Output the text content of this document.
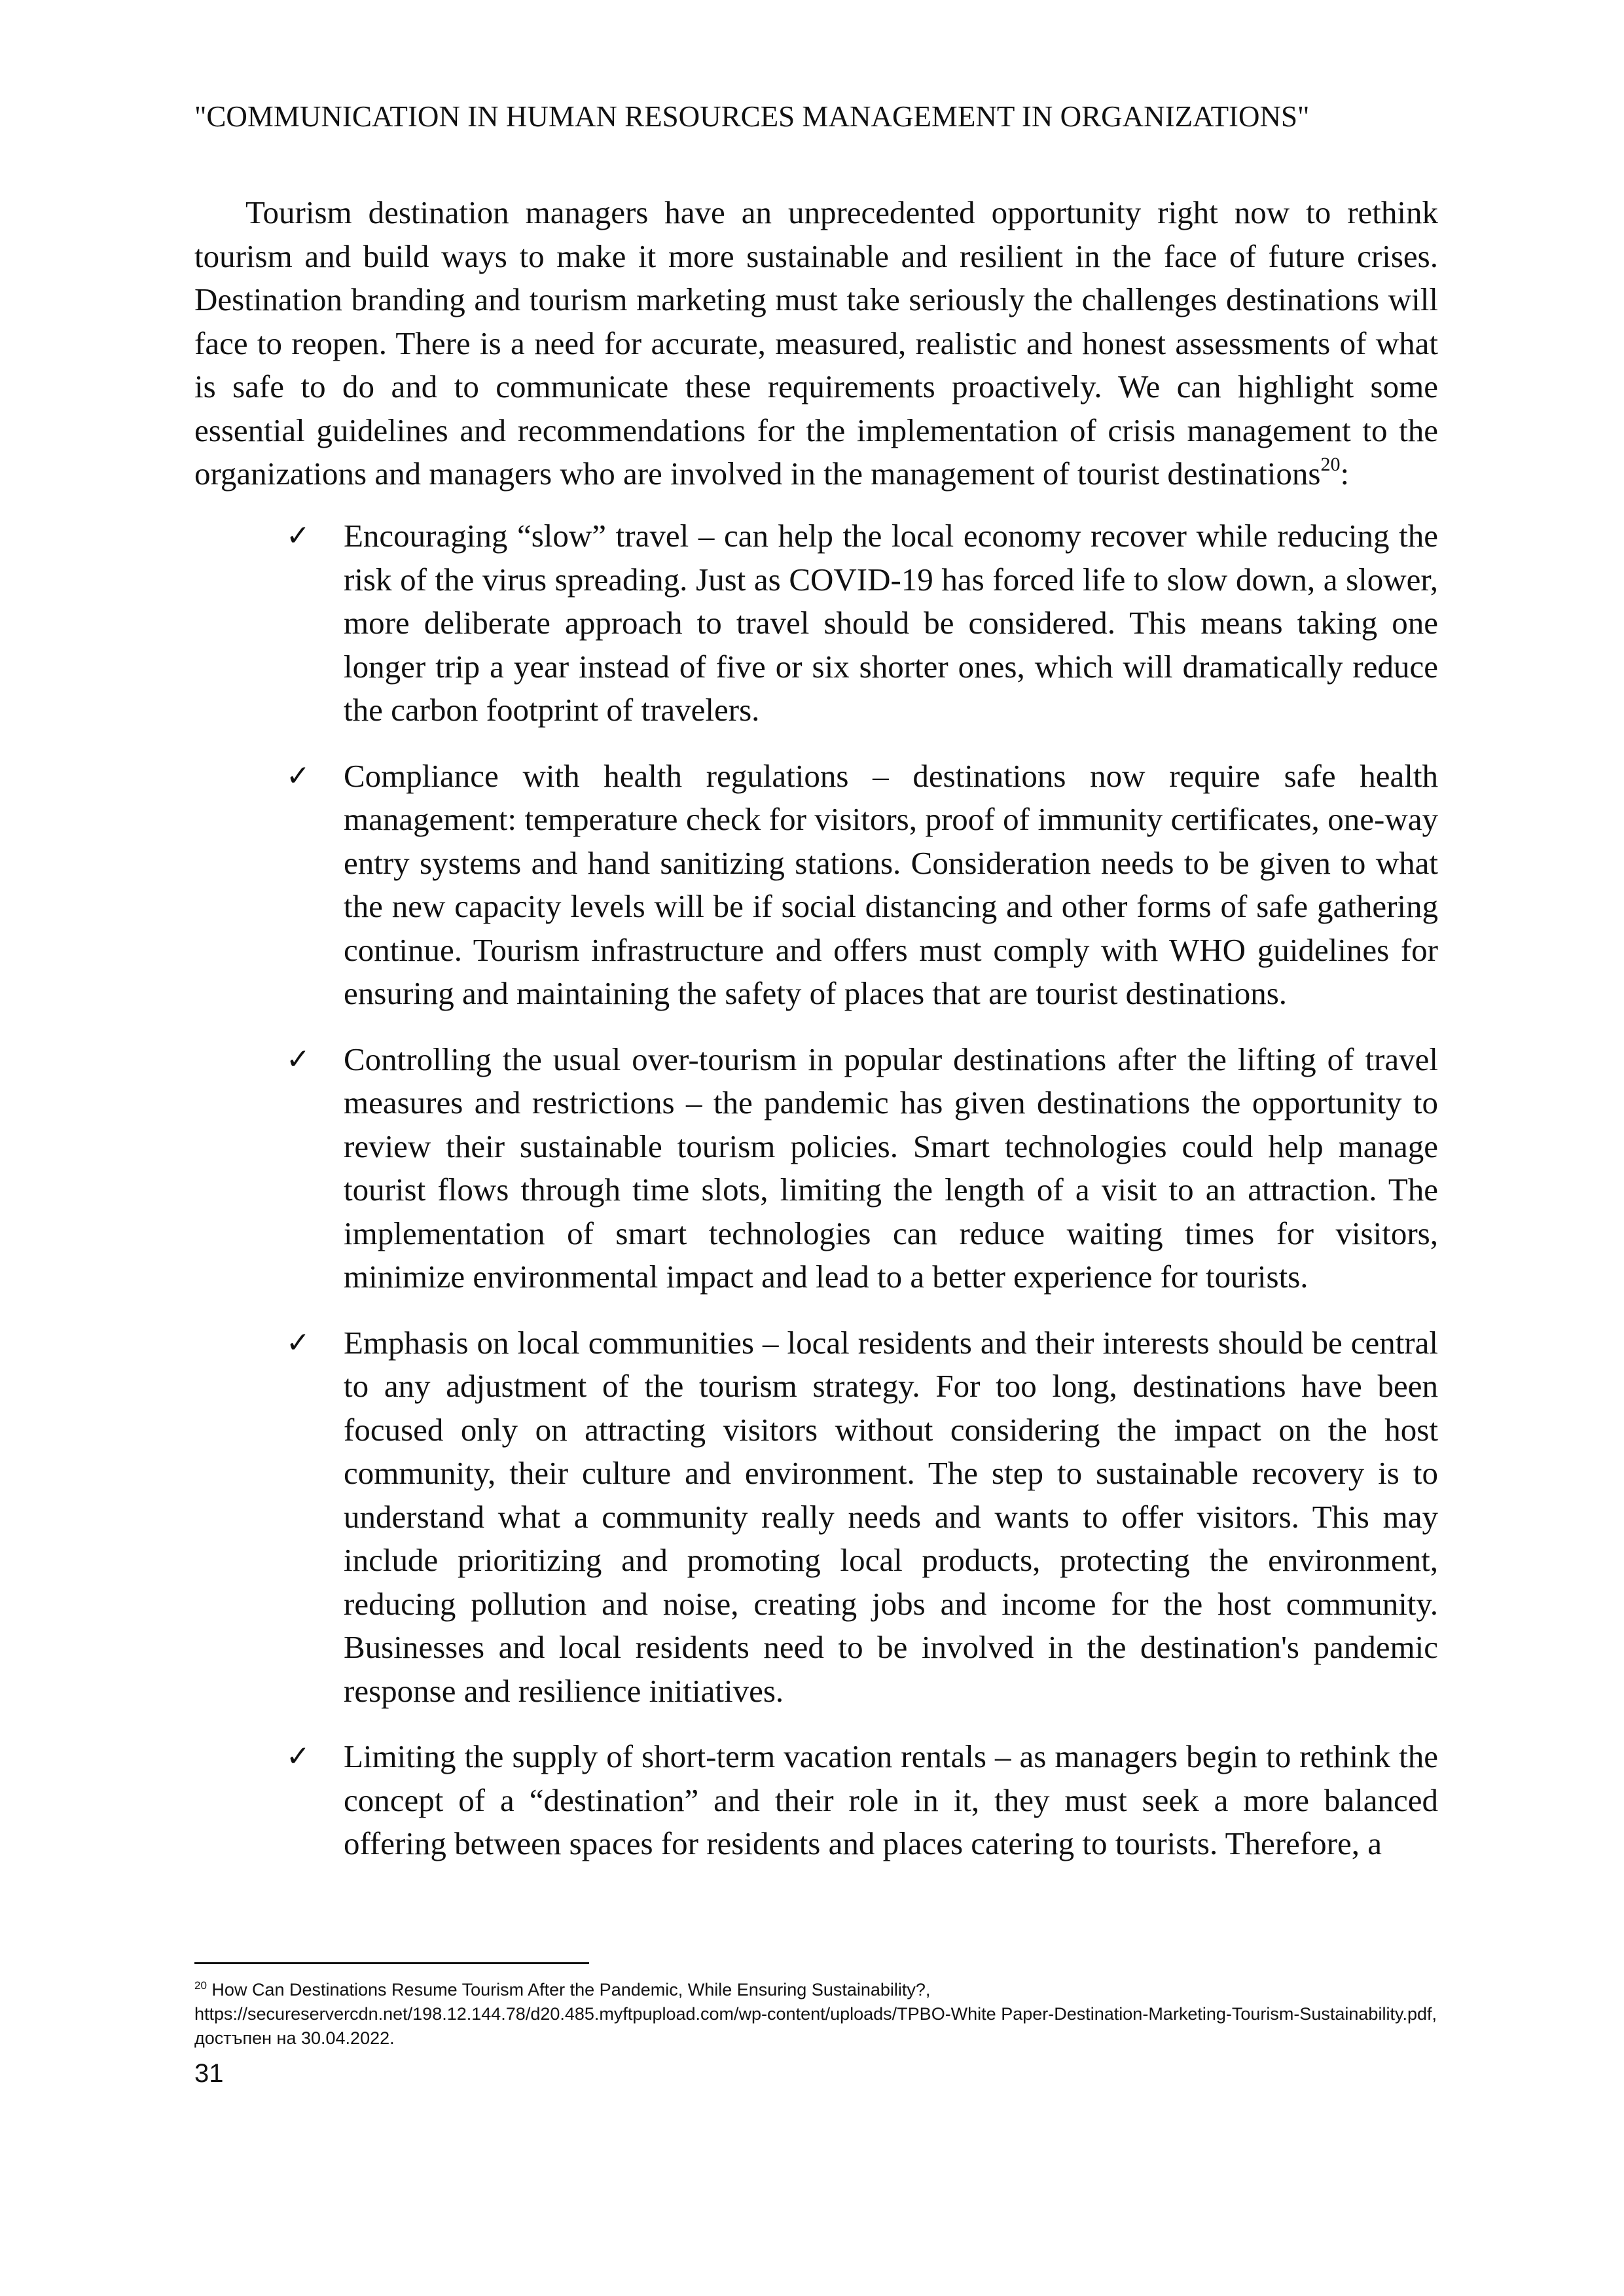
"COMMUNICATION IN HUMAN RESOURCES MANAGEMENT IN ORGANIZATIONS"

Tourism destination managers have an unprecedented opportunity right now to rethink tourism and build ways to make it more sustainable and resilient in the face of future crises. Destination branding and tourism marketing must take seriously the challenges destinations will face to reopen. There is a need for accurate, measured, realistic and honest assessments of what is safe to do and to communicate these requirements proactively. We can highlight some essential guidelines and recommendations for the implementation of crisis management to the organizations and managers who are involved in the management of tourist destinations$^{20}$:

✓ Encouraging “slow” travel – can help the local economy recover while reducing the risk of the virus spreading. Just as COVID-19 has forced life to slow down, a slower, more deliberate approach to travel should be considered. This means taking one longer trip a year instead of five or six shorter ones, which will dramatically reduce the carbon footprint of travelers.
✓ Compliance with health regulations – destinations now require safe health management: temperature check for visitors, proof of immunity certificates, one-way entry systems and hand sanitizing stations. Consideration needs to be given to what the new capacity levels will be if social distancing and other forms of safe gathering continue. Tourism infrastructure and offers must comply with WHO guidelines for ensuring and maintaining the safety of places that are tourist destinations.
✓ Controlling the usual over-tourism in popular destinations after the lifting of travel measures and restrictions – the pandemic has given destinations the opportunity to review their sustainable tourism policies. Smart technologies could help manage tourist flows through time slots, limiting the length of a visit to an attraction. The implementation of smart technologies can reduce waiting times for visitors, minimize environmental impact and lead to a better experience for tourists.
✓ Emphasis on local communities – local residents and their interests should be central to any adjustment of the tourism strategy. For too long, destinations have been focused only on attracting visitors without considering the impact on the host community, their culture and environment. The step to sustainable recovery is to understand what a community really needs and wants to offer visitors. This may include prioritizing and promoting local products, protecting the environment, reducing pollution and noise, creating jobs and income for the host community. Businesses and local residents need to be involved in the destination's pandemic response and resilience initiatives.
✓ Limiting the supply of short-term vacation rentals – as managers begin to rethink the concept of a “destination” and their role in it, they must seek a more balanced offering between spaces for residents and places catering to tourists. Therefore, a

$^{20}$ How Can Destinations Resume Tourism After the Pandemic, While Ensuring Sustainability?, https://secureservercdn.net/198.12.144.78/d20.485.myftpupload.com/wp-content/uploads/TPBO-White Paper-Destination-Marketing-Tourism-Sustainability.pdf, достъпен на 30.04.2022.

31
